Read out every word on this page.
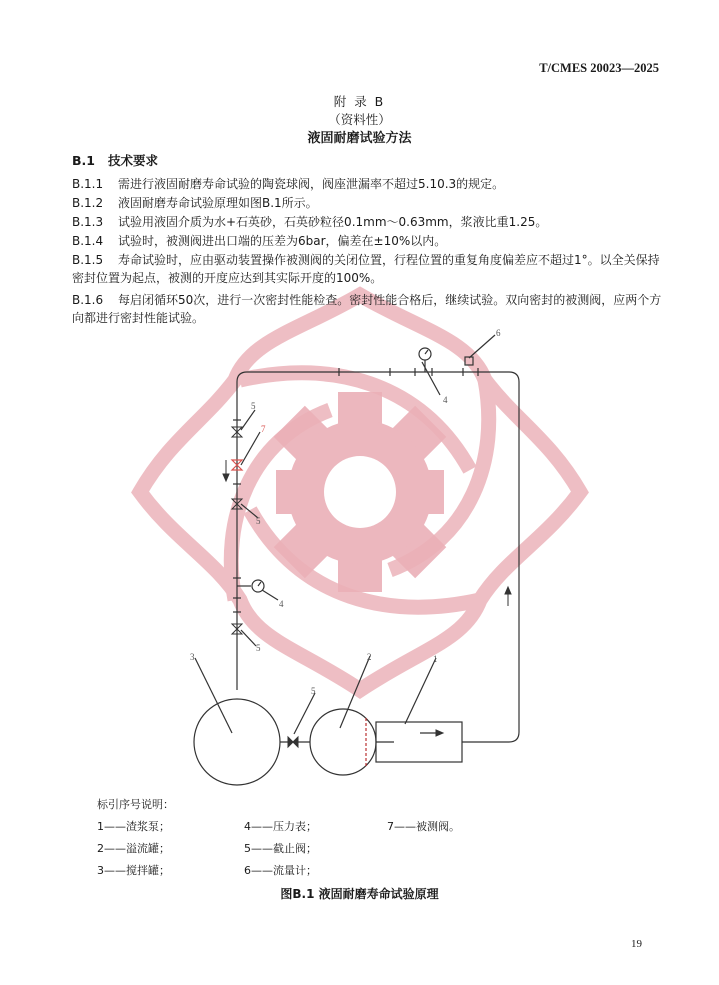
1
2
3
4
4
5
5
5
5
6
7
T/CMES 20023—2025
附 录 B
（资料性）
液固耐磨试验方法
B.1 技术要求
B.1.1 需进行液固耐磨寿命试验的陶瓷球阀，阀座泄漏率不超过5.10.3的规定。
B.1.2 液固耐磨寿命试验原理如图B.1所示。
B.1.3 试验用液固介质为水+石英砂，石英砂粒径0.1mm～0.63mm，浆液比重1.25。
B.1.4 试验时，被测阀进出口端的压差为6bar，偏差在±10%以内。
B.1.5 寿命试验时，应由驱动装置操作被测阀的关闭位置，行程位置的重复角度偏差应不超过1°。以全关保持密封位置为起点，被测的开度应达到其实际开度的100%。
B.1.6 每启闭循环50次，进行一次密封性能检查。密封性能合格后，继续试验。双向密封的被测阀，应两个方向都进行密封性能试验。
标引序号说明：
1——渣浆泵；	4——压力表；	7——被测阀。
2——溢流罐；	5——截止阀；
3——搅拌罐；	6——流量计；
图B.1 液固耐磨寿命试验原理
19
